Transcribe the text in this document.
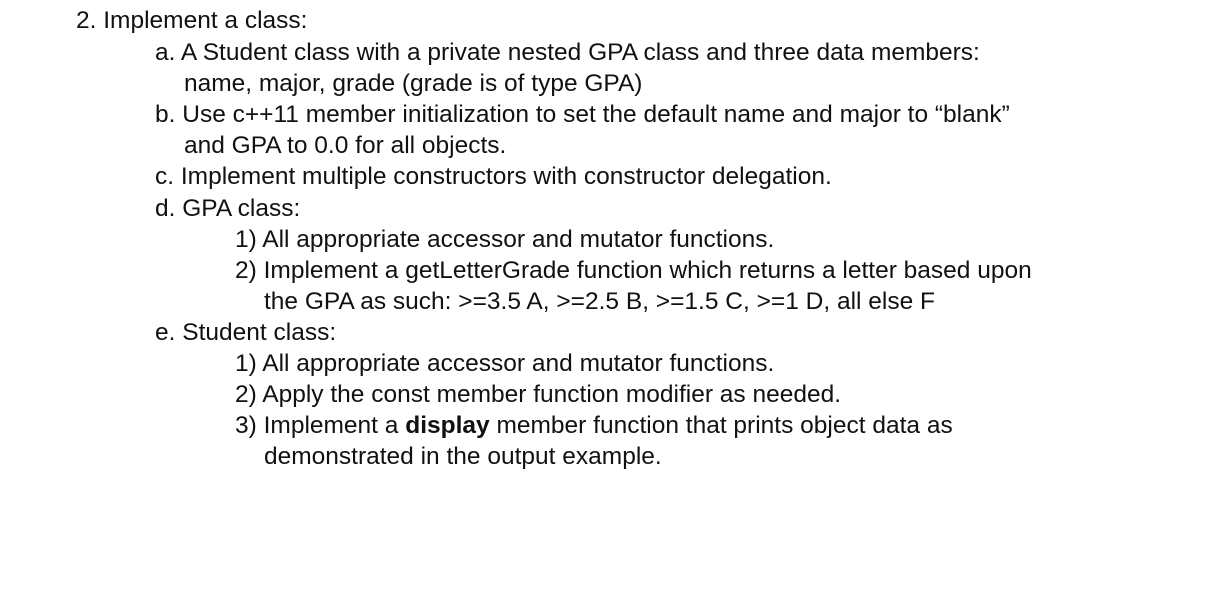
2. Implement a class:
a. A Student class with a private nested GPA class and three data members:
name, major, grade (grade is of type GPA)
b. Use c++11 member initialization to set the default name and major to “blank”
and GPA to 0.0 for all objects.
c. Implement multiple constructors with constructor delegation.
d. GPA class:
1) All appropriate accessor and mutator functions.
2) Implement a getLetterGrade function which returns a letter based upon
the GPA as such: >=3.5 A, >=2.5 B, >=1.5 C, >=1 D, all else F
e. Student class:
1) All appropriate accessor and mutator functions.
2) Apply the const member function modifier as needed.
3) Implement a display member function that prints object data as
demonstrated in the output example.
